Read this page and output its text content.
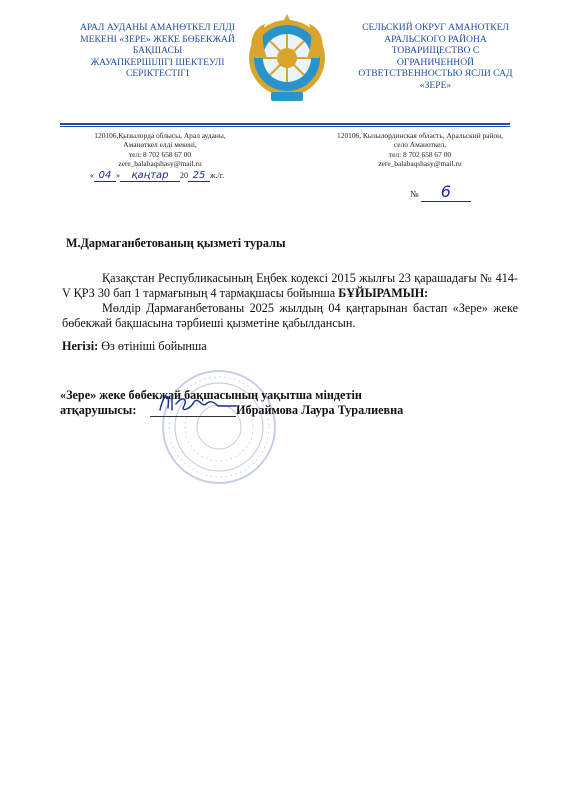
АРАЛ АУДАНЫ АМАНӨТКЕЛ ЕЛДІ
МЕКЕНІ «ЗЕРЕ» ЖЕКЕ БӨБЕКЖАЙ
БАҚШАСЫ
ЖАУАПКЕРШІЛІГІ ШЕКТЕУЛІ
СЕРІКТЕСТІГІ
СЕЛЬСКИЙ ОКРУГ АМАНОТКЕЛ
АРАЛЬСКОГО РАЙОНА
ТОВАРИЩЕСТВО С
ОГРАНИЧЕННОЙ
ОТВЕТСТВЕННОСТЬЮ ЯСЛИ САД
«ЗЕРЕ»
120106,Қызылорда облысы, Арал ауданы,
Аманөткел елдi мекенi,
тел: 8 702 658 67 00
zere_balabaqshasy@mail.ru
120106, Кызылординская область, Аральский район,
село Аманоткел,
тел: 8 702 658 67 00
zere_balabaqshasy@mail.ru
« 04 » қаңтар 20 25 ж./г.
№ 6
М.Дармаганбетованың қызметі туралы

Қазақстан Республикасының Еңбек кодексі 2015 жылғы 23 қарашадағы № 414-V ҚРЗ 30 бап 1 тармағының 4 тармақшасы бойынша БҰЙЫРАМЫН:

Мөлдір Дармағанбетованы 2025 жылдың 04 қаңтарынан бастап «Зере» жеке бөбекжай бақшасына тәрбиеші қызметіне қабылдансын.

Негізі: Өз өтініші бойынша
«Зере» жеке бөбекжай бақшасының уақытша міндетін
атқарушысы:	Ибраймова Лаура Туралиевна
